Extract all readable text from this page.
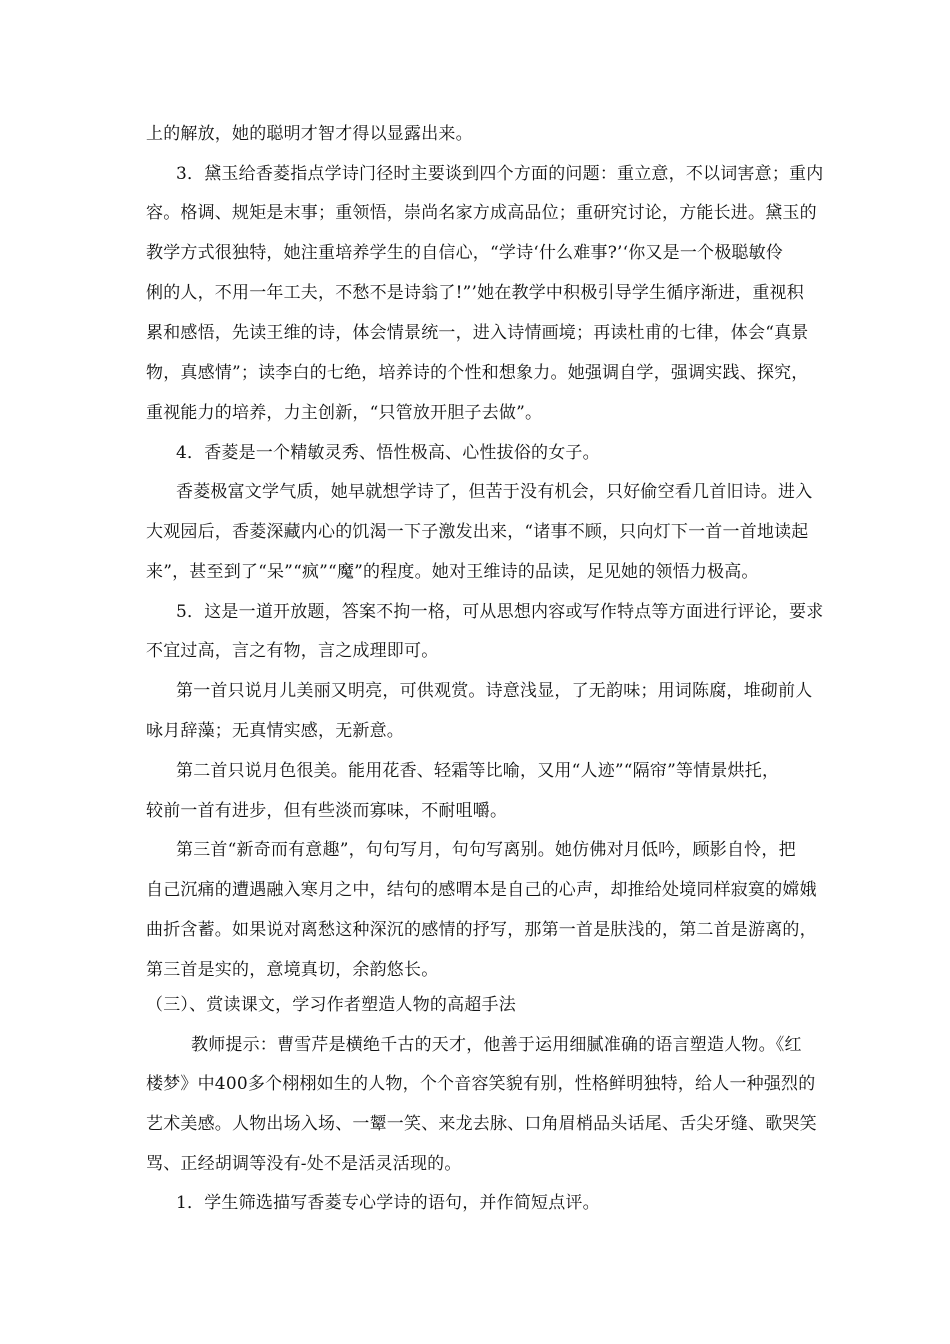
上的解放，她的聪明才智才得以显露出来。
3．黛玉给香菱指点学诗门径时主要谈到四个方面的问题：重立意，不以词害意；重内
容。格调、规矩是末事；重领悟，崇尚名家方成高品位；重研究讨论，方能长进。黛玉的
教学方式很独特，她注重培养学生的自信心，“学诗‘什么难事?’‘你又是一个极聪敏伶
俐的人，不用一年工夫，不愁不是诗翁了!”’她在教学中积极引导学生循序渐进，重视积
累和感悟，先读王维的诗，体会情景统一，进入诗情画境；再读杜甫的七律，体会“真景
物，真感情”；读李白的七绝，培养诗的个性和想象力。她强调自学，强调实践、探究，
重视能力的培养，力主创新，“只管放开胆子去做”。
4．香菱是一个精敏灵秀、悟性极高、心性拔俗的女子。
香菱极富文学气质，她早就想学诗了，但苦于没有机会，只好偷空看几首旧诗。进入
大观园后，香菱深藏内心的饥渴一下子激发出来，“诸事不顾，只向灯下一首一首地读起
来”，甚至到了“呆”“疯”“魔”的程度。她对王维诗的品读，足见她的领悟力极高。
5．这是一道开放题，答案不拘一格，可从思想内容或写作特点等方面进行评论，要求
不宜过高，言之有物，言之成理即可。
第一首只说月儿美丽又明亮，可供观赏。诗意浅显，了无韵味；用词陈腐，堆砌前人
咏月辞藻；无真情实感，无新意。
第二首只说月色很美。能用花香、轻霜等比喻，又用“人迹”“隔帘”等情景烘托，
较前一首有进步，但有些淡而寡味，不耐咀嚼。
第三首“新奇而有意趣”，句句写月，句句写离别。她仿佛对月低吟，顾影自怜，把
自己沉痛的遭遇融入寒月之中，结句的感喟本是自己的心声，却推给处境同样寂寞的嫦娥
曲折含蓄。如果说对离愁这种深沉的感情的抒写，那第一首是肤浅的，第二首是游离的，
第三首是实的，意境真切，余韵悠长。
（三）、赏读课文，学习作者塑造人物的高超手法
教师提示：曹雪芹是横绝千古的天才，他善于运用细腻准确的语言塑造人物。《红
楼梦》中400多个栩栩如生的人物，个个音容笑貌有别，性格鲜明独特，给人一种强烈的
艺术美感。人物出场入场、一颦一笑、来龙去脉、口角眉梢品头话尾、舌尖牙缝、歌哭笑
骂、正经胡调等没有-处不是活灵活现的。
1．学生筛选描写香菱专心学诗的语句，并作简短点评。
